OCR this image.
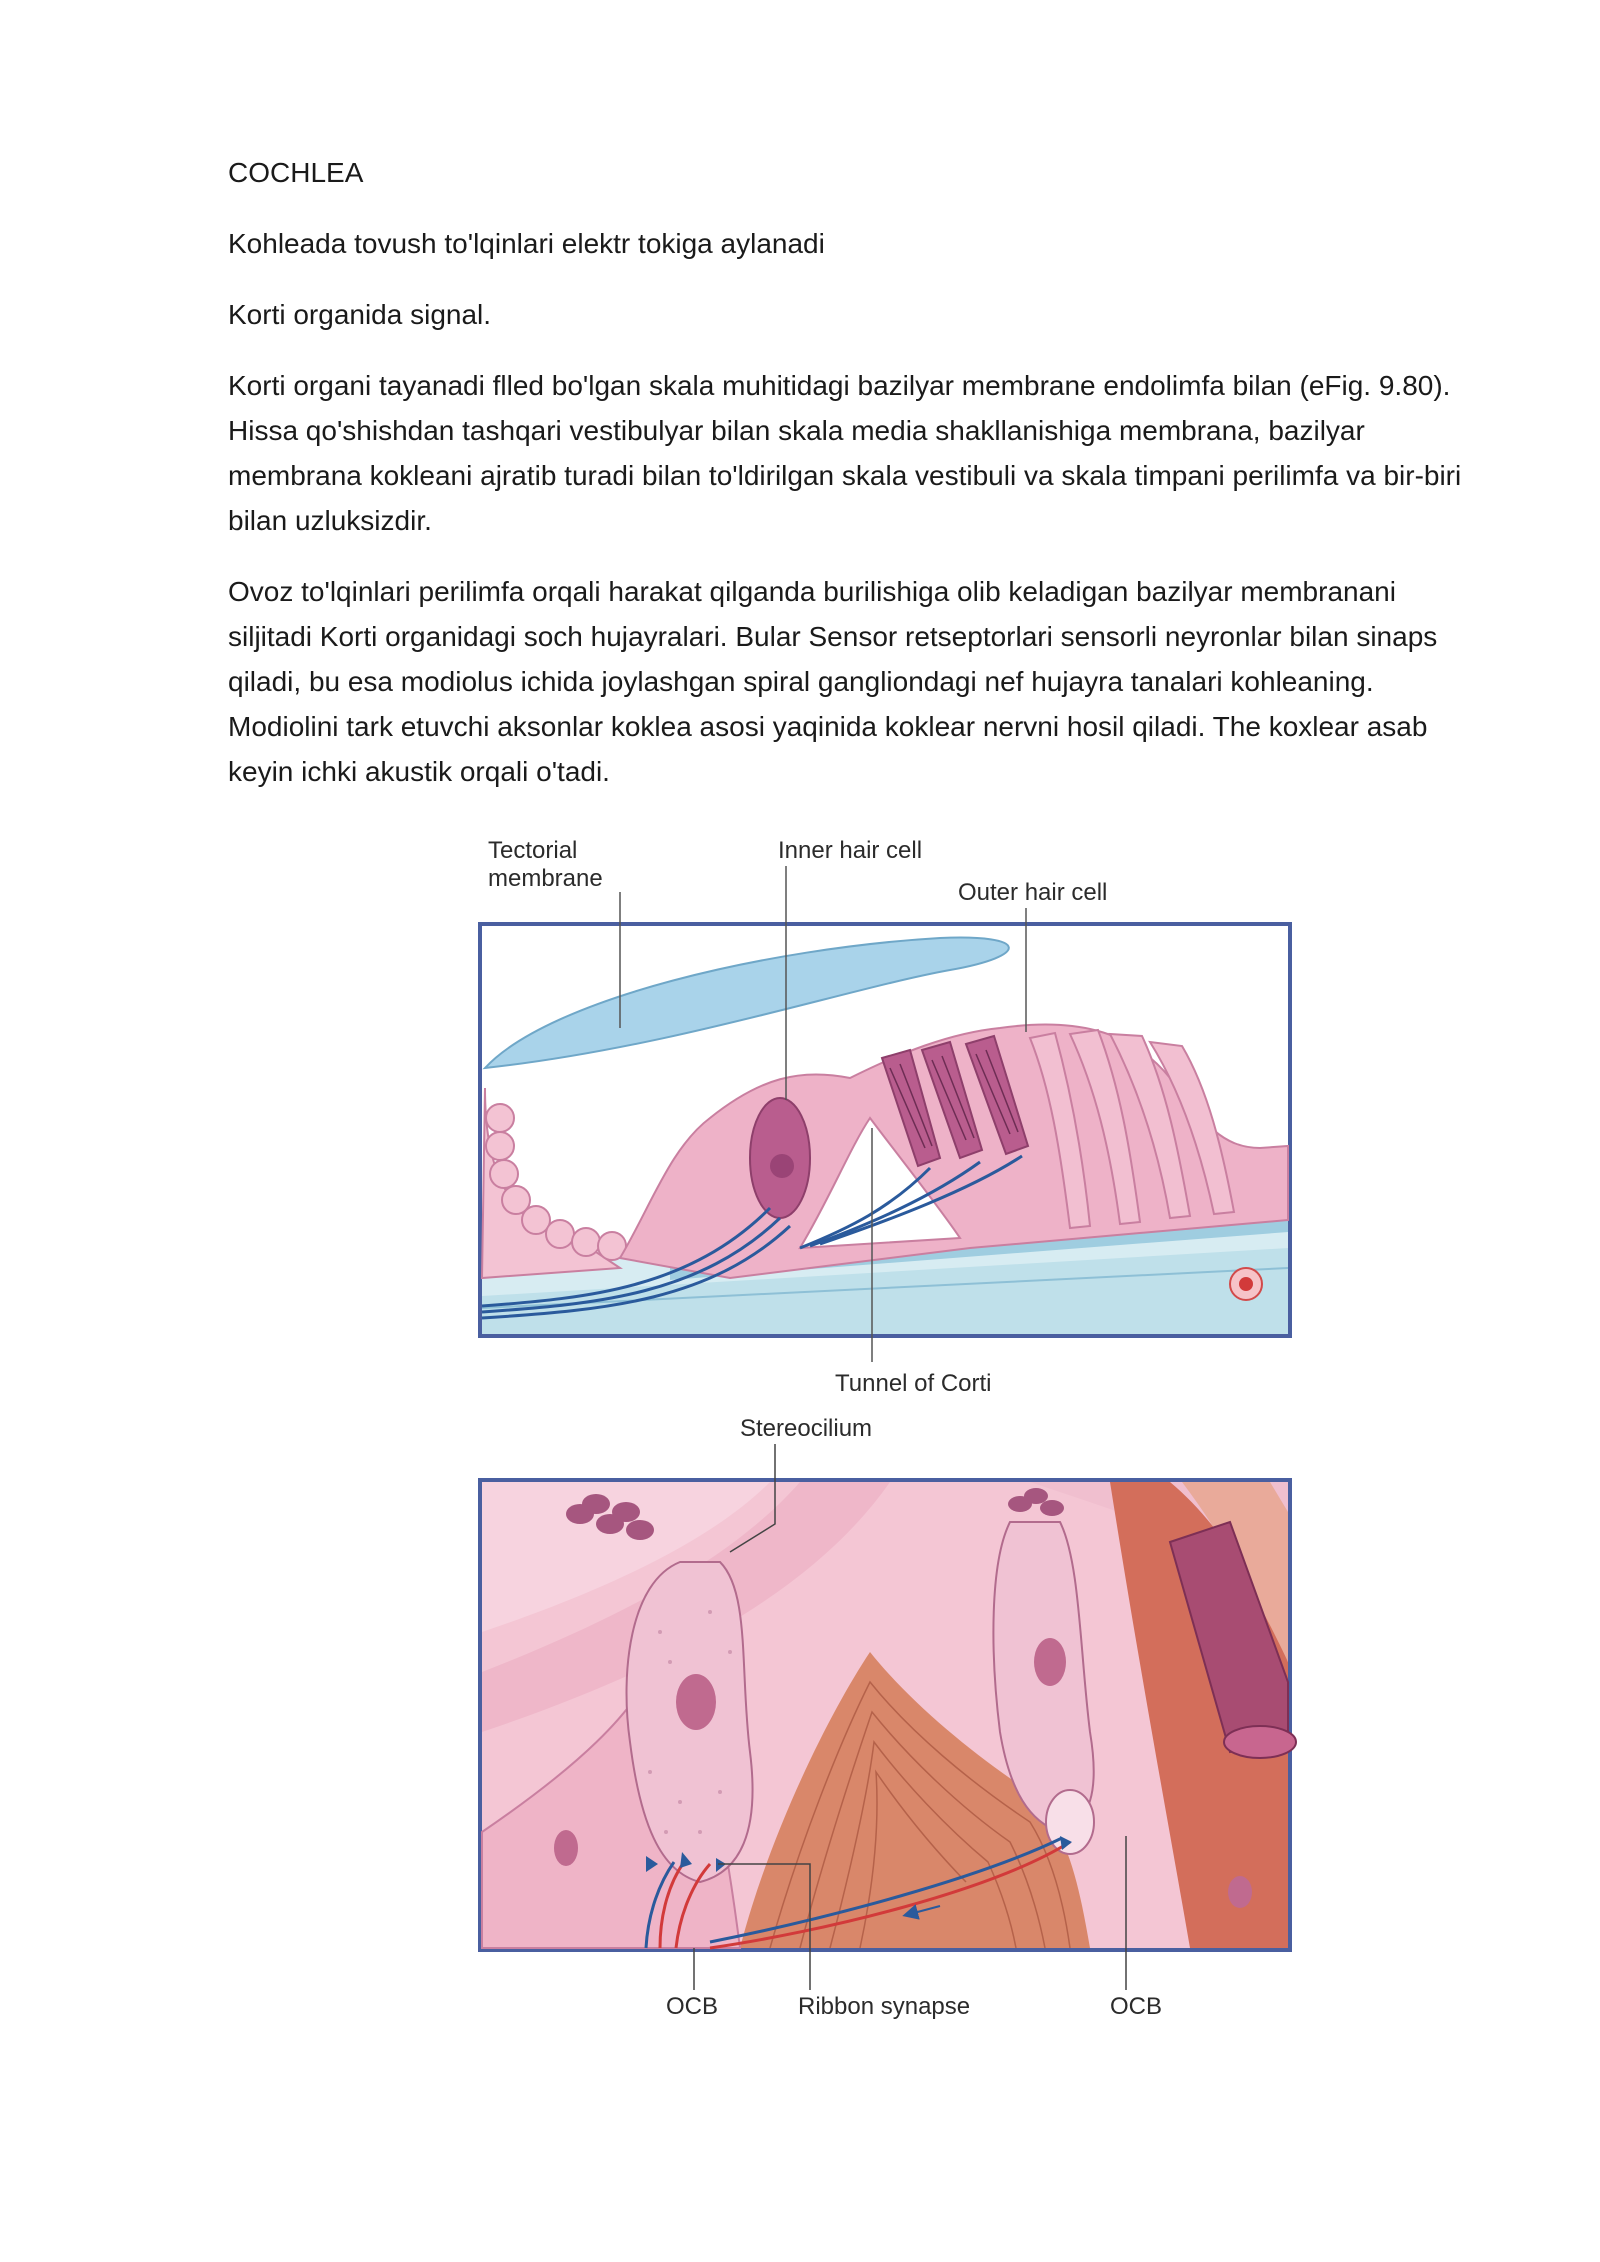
COCHLEA

Kohleada tovush to'lqinlari elektr tokiga aylanadi

Korti organida signal.

Korti organi tayanadi flled bo'lgan skala muhitidagi bazilyar membrane endolimfa bilan (eFig. 9.80). Hissa qo'shishdan tashqari vestibulyar bilan skala media shakllanishiga membrana, bazilyar membrana kokleani ajratib turadi bilan to'ldirilgan skala vestibuli va skala timpani perilimfa va bir-biri bilan uzluksizdir.

Ovoz to'lqinlari perilimfa orqali harakat qilganda burilishiga olib keladigan bazilyar membranani siljitadi Korti organidagi soch hujayralari. Bular Sensor retseptorlari sensorli neyronlar bilan sinaps qiladi, bu esa modiolus ichida joylashgan spiral gangliondagi nef hujayra tanalari kohleaning. Modiolini tark etuvchi aksonlar koklea asosi yaqinida koklear nervni hosil qiladi. The koxlear asab keyin ichki akustik orqali o'tadi.

Tectorial
membrane
Inner hair cell
Outer hair cell
Tunnel of Corti
Stereocilium
OCB	Ribbon synapse	OCB
